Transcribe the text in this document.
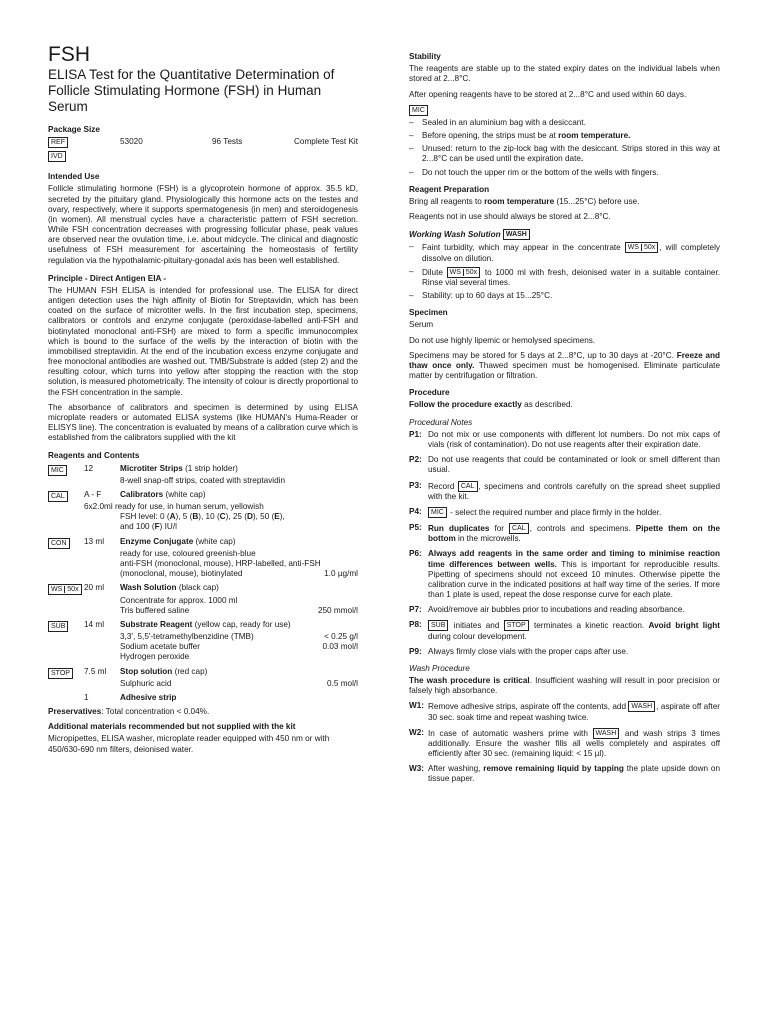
FSH
ELISA Test for the Quantitative Determination of Follicle Stimulating Hormone (FSH) in Human Serum
Package Size
REF	53020	96 Tests	Complete Test Kit
IVD
Intended Use

Follicle stimulating hormone (FSH) is a glycoprotein hormone of approx. 35.5 kD, secreted by the pituitary gland. Physiologically this hormone acts on the testes and ovary, respectively, where it supports spermatogenesis (in men) and steroidogenesis (in women). All menstrual cycles have a characteristic pattern of FSH secretion. While FSH concentration decreases with progressing follicular phase, peak values are observed near the ovulation time, i.e. about midcycle. The clinical and diagnostic usefulness of FSH measurement for ascertaining the homeostasis of fertility regulation via the hypothalamic-pituitary-gonadal axis has been well established.

Principle - Direct Antigen EIA -

The HUMAN FSH ELISA is intended for professional use. The ELISA for direct antigen detection uses the high affinity of Biotin for Streptavidin, which has been coated on the surface of microtiter wells. In the first incubation step, specimens, calibrators or controls and enzyme conjugate (peroxidase-labelled anti-FSH and biotinylated monoclonal anti-FSH) are mixed to form a specific immunocomplex which is bound to the surface of the wells by the interaction of biotin with the immobilised streptavidin. At the end of the incubation excess enzyme conjugate and free monoclonal antibodies are washed out. TMB/Substrate is added (step 2) and the resulting colour, which turns into yellow after stopping the reaction with the stop solution, is measured photometrically. The intensity of colour is directly proportional to the FSH concentration in the sample.

The absorbance of calibrators and specimen is determined by using ELISA microplate readers or automated ELISA systems (like HUMAN's Huma-Reader or ELISYS line). The concentration is evaluated by means of a calibration curve which is established from the calibrators supplied with the kit

Reagents and Contents
MIC	12	Microtiter Strips (1 strip holder)
8-well snap-off strips, coated with streptavidin
CAL	A - F	Calibrators (white cap)
6x2.0ml ready for use, in human serum, yellowish
FSH level: 0 (A), 5 (B), 10 (C), 25 (D), 50 (E),
and 100 (F) IU/l
CON	13 ml	Enzyme Conjugate (white cap)
ready for use, coloured greenish-blue
anti-FSH (monoclonal, mouse), HRP-labelled, anti-FSH
(monoclonal, mouse), biotinylated	1.0 µg/ml
WS 50x 20 ml	Wash Solution (black cap)
Concentrate for approx. 1000 ml
Tris buffered saline	250 mmol/l
SUB	14 ml	Substrate Reagent (yellow cap, ready for use)
3,3', 5,5'-tetramethylbenzidine (TMB)	< 0.25 g/l
Sodium acetate buffer	0.03 mol/l
Hydrogen peroxide
STOP	7.5 ml	Stop solution (red cap)
Sulphuric acid	0.5 mol/l
1	Adhesive strip

Preservatives: Total concentration < 0.04%.

Additional materials recommended but not supplied with the kit

Micropipettes, ELISA washer, microplate reader equipped with 450 nm or with 450/630-690 nm filters, deionised water.

Stability

The reagents are stable up to the stated expiry dates on the individual labels when stored at 2...8°C.

After opening reagents have to be stored at 2...8°C and used within 60 days.

MIC
– Sealed in an aluminium bag with a desiccant.
– Before opening, the strips must be at room temperature.
– Unused: return to the zip-lock bag with the desiccant. Strips stored in this way at 2...8°C can be used until the expiration date.
– Do not touch the upper rim or the bottom of the wells with fingers.
Reagent Preparation

Bring all reagents to room temperature (15...25°C) before use.

Reagents not in use should always be stored at 2...8°C.

Working Wash Solution WASH
– Faint turbidity, which may appear in the concentrate WS 50x , will completely dissolve on dilution.
– Dilute WS 50x to 1000 ml with fresh, deionised water in a suitable container. Rinse vial several times.
– Stability: up to 60 days at 15...25°C.
Specimen

Serum

Do not use highly lipemic or hemolysed specimens.

Specimens may be stored for 5 days at 2...8°C, up to 30 days at -20°C. Freeze and thaw once only. Thawed specimen must be homogenised. Eliminate particulate matter by centrifugation or filtration.

Procedure

Follow the procedure exactly as described.

Procedural Notes
P1: Do not mix or use components with different lot numbers. Do not mix caps of vials (risk of contamination). Do not use reagents after their expiration date.
P2: Do not use reagents that could be contaminated or look or smell different than usual.
P3: Record CAL , specimens and controls carefully on the spread sheet supplied with the kit.
P4:	MIC - select the required number and place firmly in the holder.
P5: Run duplicates for CAL , controls and specimens. Pipette them on the bottom in the microwells.
P6: Always add reagents in the same order and timing to minimise reaction time differences between wells. This is important for reproducible results. Pipetting of specimens should not exceed 10 minutes. Otherwise pipette the calibration curve in the indicated positions at half way time of the series. If more than 1 plate is used, repeat the dose response curve for each plate.
P7: Avoid/remove air bubbles prior to incubations and reading absorbance.
P8:	SUB initiates and STOP terminates a kinetic reaction. Avoid bright light during colour development.
P9: Always firmly close vials with the proper caps after use.
Wash Procedure

The wash procedure is critical. Insufficient washing will result in poor precision or falsely high absorbance.

W1: Remove adhesive strips, aspirate off the contents, add WASH , aspirate off after 30 sec. soak time and repeat washing twice.
W2: In case of automatic washers prime with WASH and wash strips 3 times additionally. Ensure the washer fills all wells completely and aspirates off efficiently after 30 sec. (remaining liquid: < 15 µl).
W3: After washing, remove remaining liquid by tapping the plate upside down on tissue paper.
